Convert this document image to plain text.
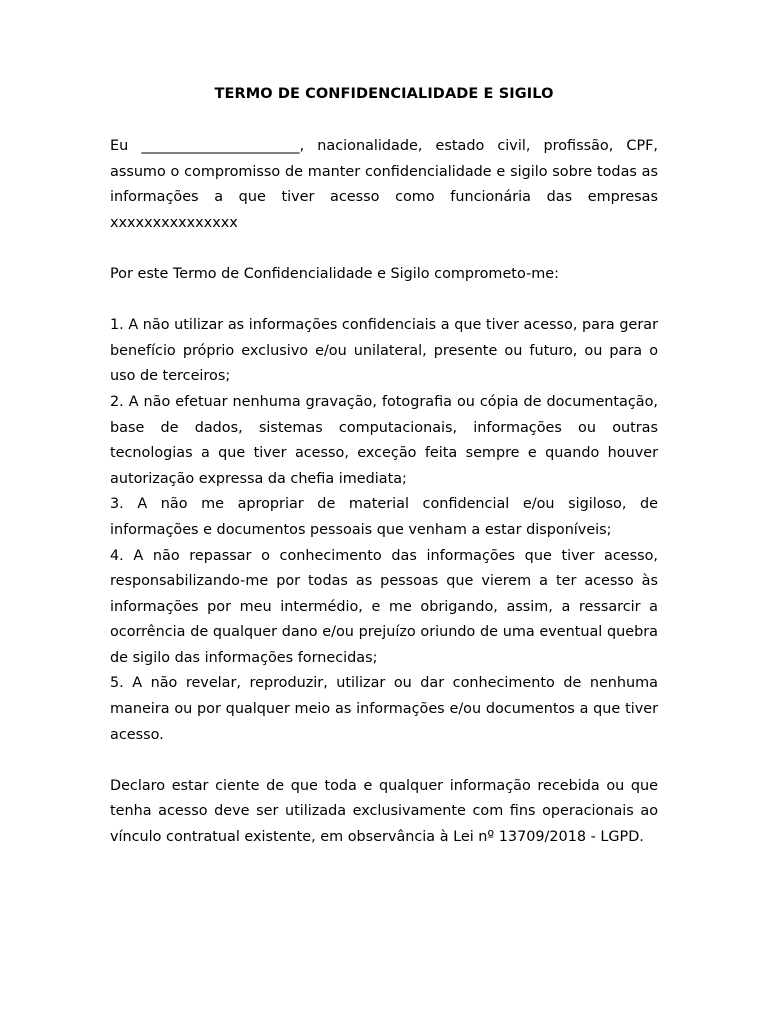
TERMO DE CONFIDENCIALIDADE E SIGILO

Eu ______________________, nacionalidade, estado civil, profissão, CPF, assumo o compromisso de manter confidencialidade e sigilo sobre todas as informações a que tiver acesso como funcionária das empresas xxxxxxxxxxxxxxx

Por este Termo de Confidencialidade e Sigilo comprometo-me:

1. A não utilizar as informações confidenciais a que tiver acesso, para gerar benefício próprio exclusivo e/ou unilateral, presente ou futuro, ou para o uso de terceiros;

2. A não efetuar nenhuma gravação, fotografia ou cópia de documentação, base de dados, sistemas computacionais, informações ou outras tecnologias a que tiver acesso, exceção feita sempre e quando houver autorização expressa da chefia imediata;

3. A não me apropriar de material confidencial e/ou sigiloso, de informações e documentos pessoais que venham a estar disponíveis;

4. A não repassar o conhecimento das informações que tiver acesso, responsabilizando-me por todas as pessoas que vierem a ter acesso às informações por meu intermédio, e me obrigando, assim, a ressarcir a ocorrência de qualquer dano e/ou prejuízo oriundo de uma eventual quebra de sigilo das informações fornecidas;

5. A não revelar, reproduzir, utilizar ou dar conhecimento de nenhuma maneira ou por qualquer meio as informações e/ou documentos a que tiver acesso.

Declaro estar ciente de que toda e qualquer informação recebida ou que tenha acesso deve ser utilizada exclusivamente com fins operacionais ao vínculo contratual existente, em observância à Lei nº 13709/2018 - LGPD.
